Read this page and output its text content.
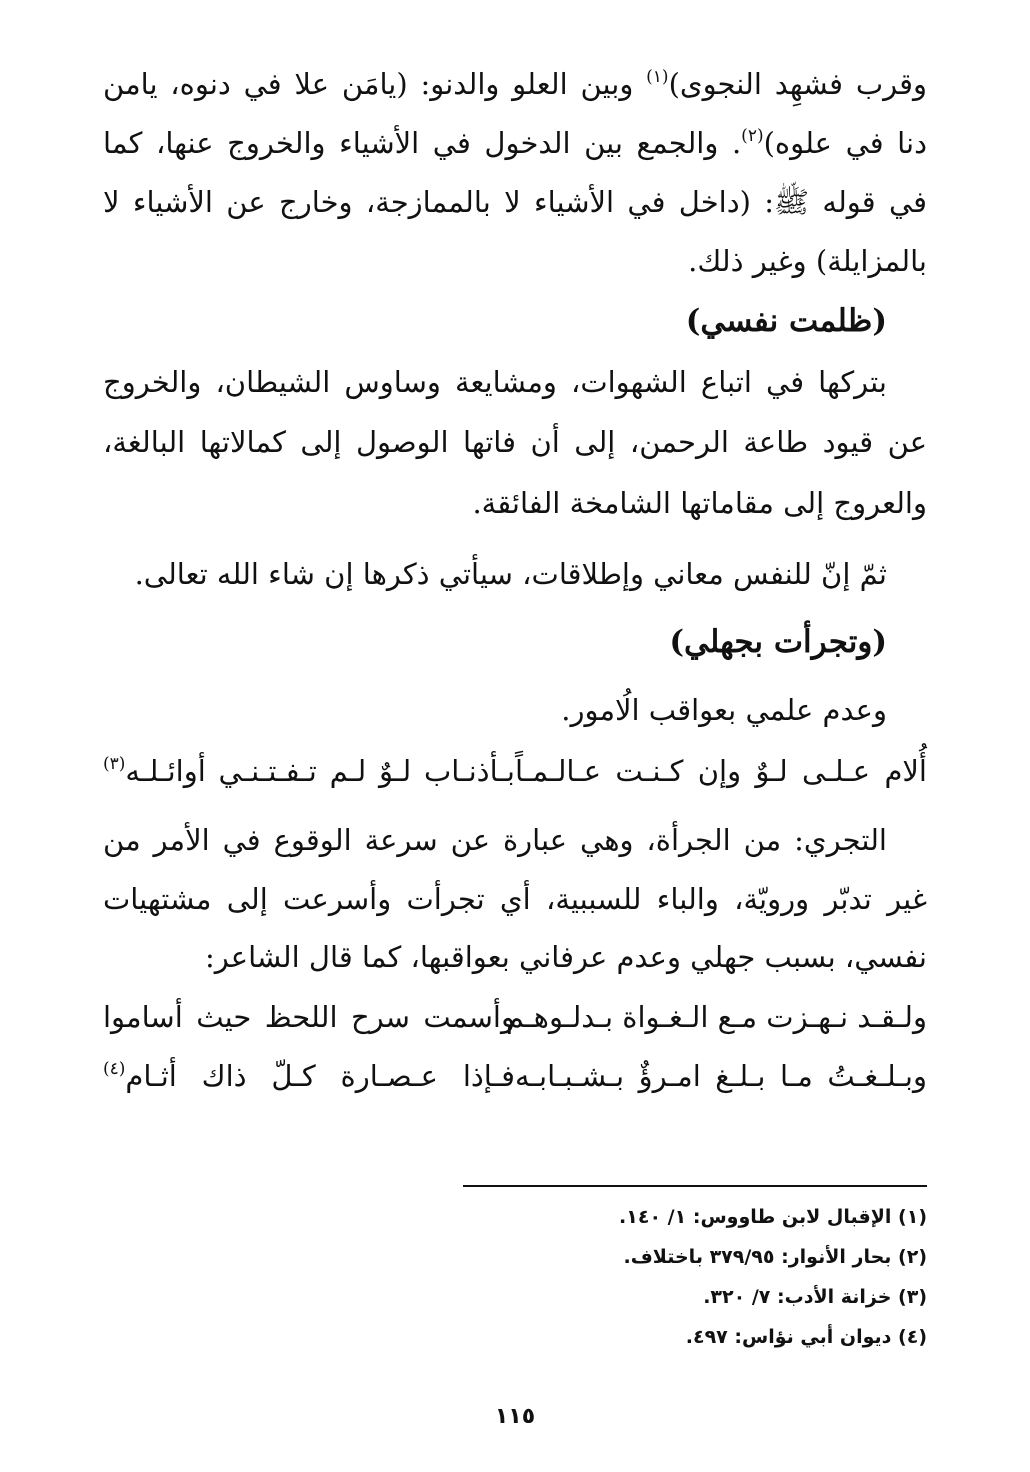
وقرب فشهِد النجوى)$^{(١)}$ وبين العلو والدنو: (يامَن علا في دنوه، يامن
دنا في علوه)$^{(٢)}$. والجمع بين الدخول في الأشياء والخروج عنها، كما
في قوله ﷺ: (داخل في الأشياء لا بالممازجة، وخارج عن الأشياء لا
بالمزايلة) وغير ذلك.
(ظلمت نفسي)
بتركها في اتباع الشهوات، ومشايعة وساوس الشيطان، والخروج
عن قيود طاعة الرحمن، إلى أن فاتها الوصول إلى كمالاتها البالغة،
والعروج إلى مقاماتها الشامخة الفائقة.
ثمّ إنّ للنفس معاني وإطلاقات، سيأتي ذكرها إن شاء الله تعالى.
(وتجرأت بجهلي)
وعدم علمي بعواقب الُامور.
أُلام عـلـى لـوٌ وإن كـنـت عـالـمـاً
بـأذنـاب لـوٌ لـم تـفـتـنـي أوائـلـه$^{(٣)}$
التجري: من الجرأة، وهي عبارة عن سرعة الوقوع في الأمر من
غير تدبّر ورويّة، والباء للسببية، أي تجرأت وأسرعت إلى مشتهيات
نفسي، بسبب جهلي وعدم عرفاني بعواقبها، كما قال الشاعر:
ولـقـد نـهـزت مـع الـغـواة بـدلـوهـم
وأسمت سرح اللحظ حيث أساموا
وبـلـغـتُ مـا بـلـغ امـرؤٌ بـشـبـابـه
فـإذا عـصـارة كـلّ ذاك أثـام$^{(٤)}$
(١) الإقبال لابن طاووس: ١/ ١٤٠.
(٢) بحار الأنوار: ٣٧٩/٩٥ باختلاف.
(٣) خزانة الأدب: ٧/ ٣٢٠.
(٤) ديوان أبي نؤاس: ٤٩٧.
١١٥
